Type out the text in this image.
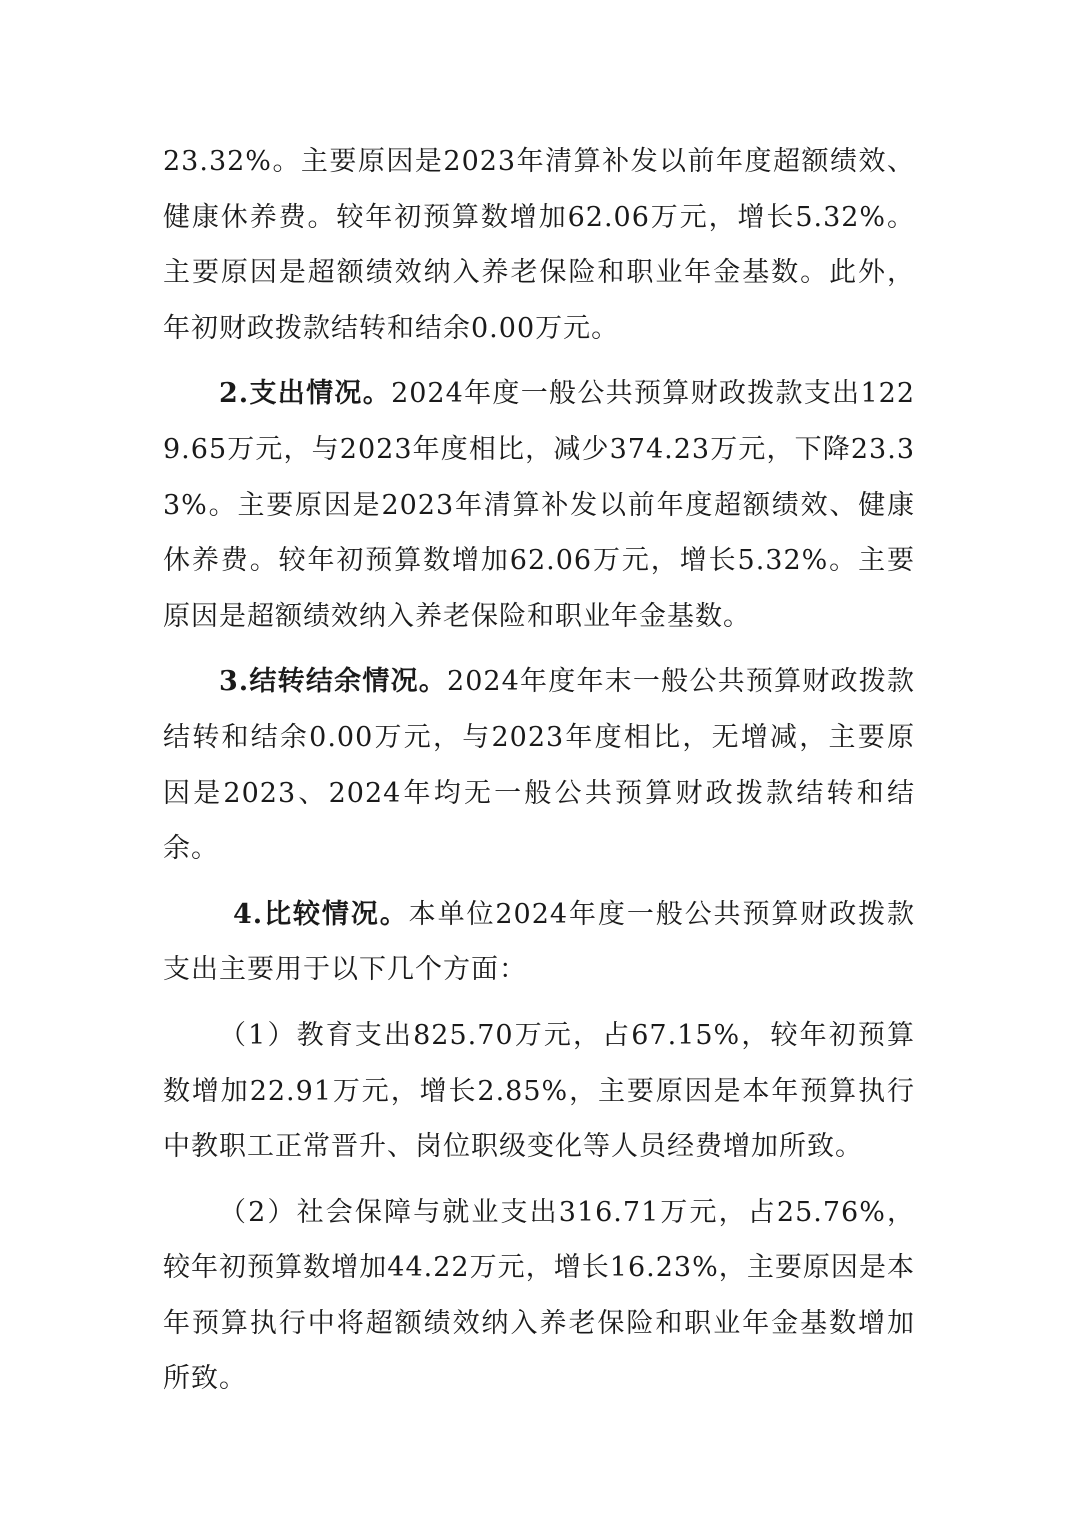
23.32%。主要原因是2023年清算补发以前年度超额绩效、健康休养费。较年初预算数增加62.06万元，增长5.32%。主要原因是超额绩效纳入养老保险和职业年金基数。此外，年初财政拨款结转和结余0.00万元。

2.支出情况。2024年度一般公共预算财政拨款支出1229.65万元，与2023年度相比，减少374.23万元，下降23.33%。主要原因是2023年清算补发以前年度超额绩效、健康休养费。较年初预算数增加62.06万元，增长5.32%。主要原因是超额绩效纳入养老保险和职业年金基数。

3.结转结余情况。2024年度年末一般公共预算财政拨款结转和结余0.00万元，与2023年度相比，无增减，主要原因是2023、2024年均无一般公共预算财政拨款结转和结余。

4.比较情况。本单位2024年度一般公共预算财政拨款支出主要用于以下几个方面：

（1）教育支出825.70万元，占67.15%，较年初预算数增加22.91万元，增长2.85%，主要原因是本年预算执行中教职工正常晋升、岗位职级变化等人员经费增加所致。

（2）社会保障与就业支出316.71万元，占25.76%，较年初预算数增加44.22万元，增长16.23%，主要原因是本年预算执行中将超额绩效纳入养老保险和职业年金基数增加所致。
